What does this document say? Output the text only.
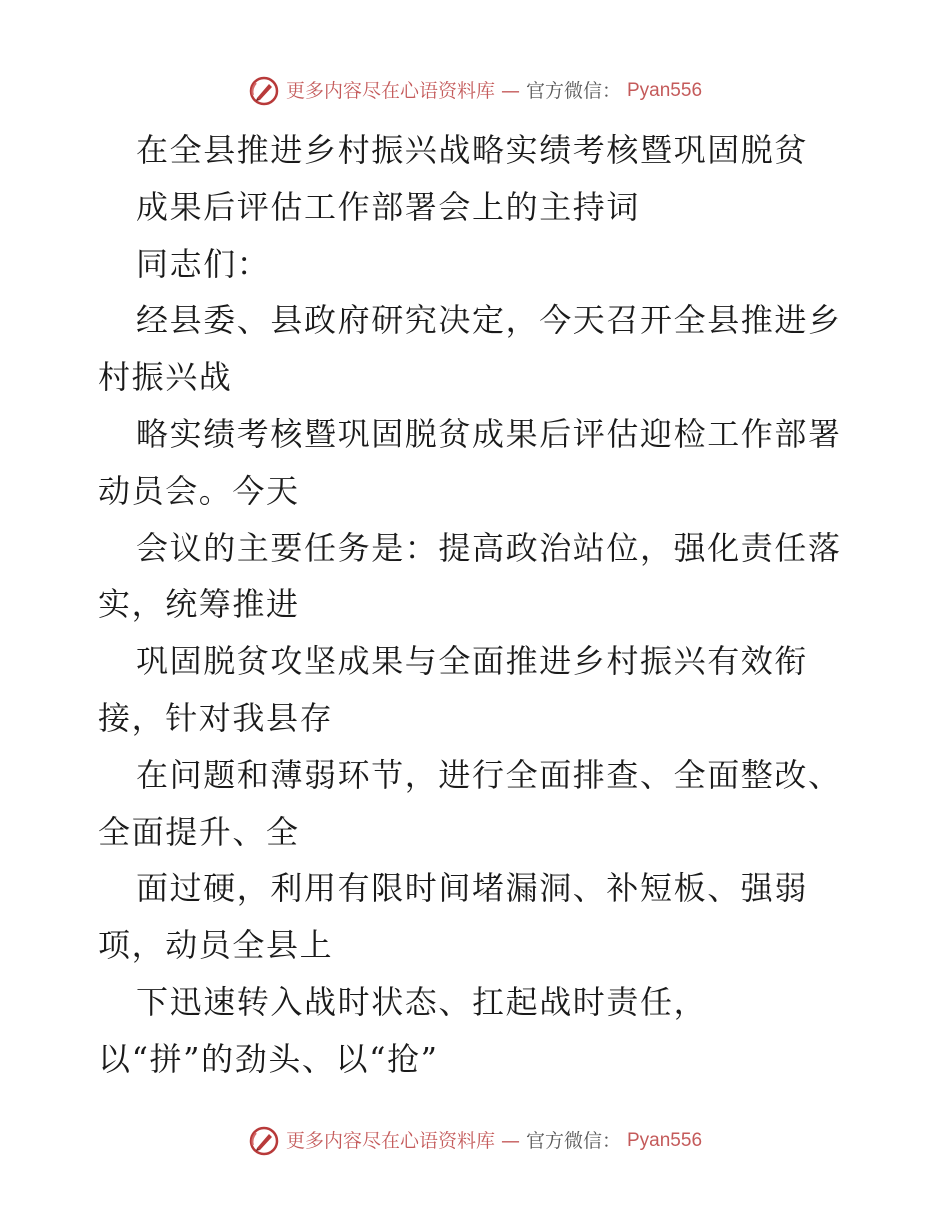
更多内容尽在心语资料库 — 官方微信： Pyan556
在全县推进乡村振兴战略实绩考核暨巩固脱贫
成果后评估工作部署会上的主持词
同志们：
经县委、县政府研究决定，今天召开全县推进乡
村振兴战
略实绩考核暨巩固脱贫成果后评估迎检工作部署
动员会。今天
会议的主要任务是：提高政治站位，强化责任落
实，统筹推进
巩固脱贫攻坚成果与全面推进乡村振兴有效衔
接，针对我县存
在问题和薄弱环节，进行全面排查、全面整改、
全面提升、全
面过硬，利用有限时间堵漏洞、补短板、强弱
项，动员全县上
下迅速转入战时状态、扛起战时责任，
以“拼”的劲头、以“抢”
更多内容尽在心语资料库 — 官方微信： Pyan556
